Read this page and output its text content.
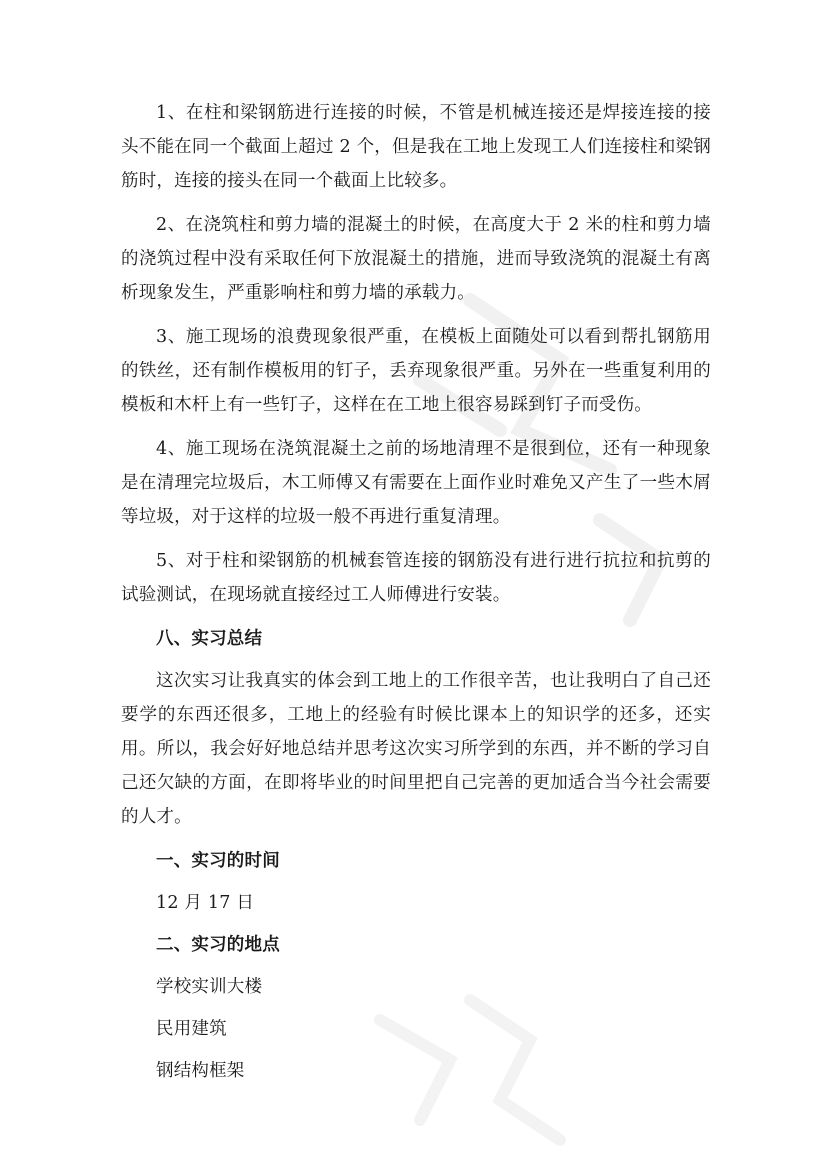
1、在柱和梁钢筋进行连接的时候，不管是机械连接还是焊接连接的接头不能在同一个截面上超过 2 个，但是我在工地上发现工人们连接柱和梁钢筋时，连接的接头在同一个截面上比较多。

2、在浇筑柱和剪力墙的混凝土的时候，在高度大于 2 米的柱和剪力墙的浇筑过程中没有采取任何下放混凝土的措施，进而导致浇筑的混凝土有离析现象发生，严重影响柱和剪力墙的承载力。

3、施工现场的浪费现象很严重，在模板上面随处可以看到帮扎钢筋用的铁丝，还有制作模板用的钉子，丢弃现象很严重。另外在一些重复利用的模板和木杆上有一些钉子，这样在在工地上很容易踩到钉子而受伤。

4、施工现场在浇筑混凝土之前的场地清理不是很到位，还有一种现象是在清理完垃圾后，木工师傅又有需要在上面作业时难免又产生了一些木屑等垃圾，对于这样的垃圾一般不再进行重复清理。

5、对于柱和梁钢筋的机械套管连接的钢筋没有进行进行抗拉和抗剪的试验测试，在现场就直接经过工人师傅进行安装。

八、实习总结

这次实习让我真实的体会到工地上的工作很辛苦，也让我明白了自己还要学的东西还很多，工地上的经验有时候比课本上的知识学的还多，还实用。所以，我会好好地总结并思考这次实习所学到的东西，并不断的学习自己还欠缺的方面，在即将毕业的时间里把自己完善的更加适合当今社会需要的人才。

一、实习的时间

12 月 17 日

二、实习的地点

学校实训大楼

民用建筑

钢结构框架
